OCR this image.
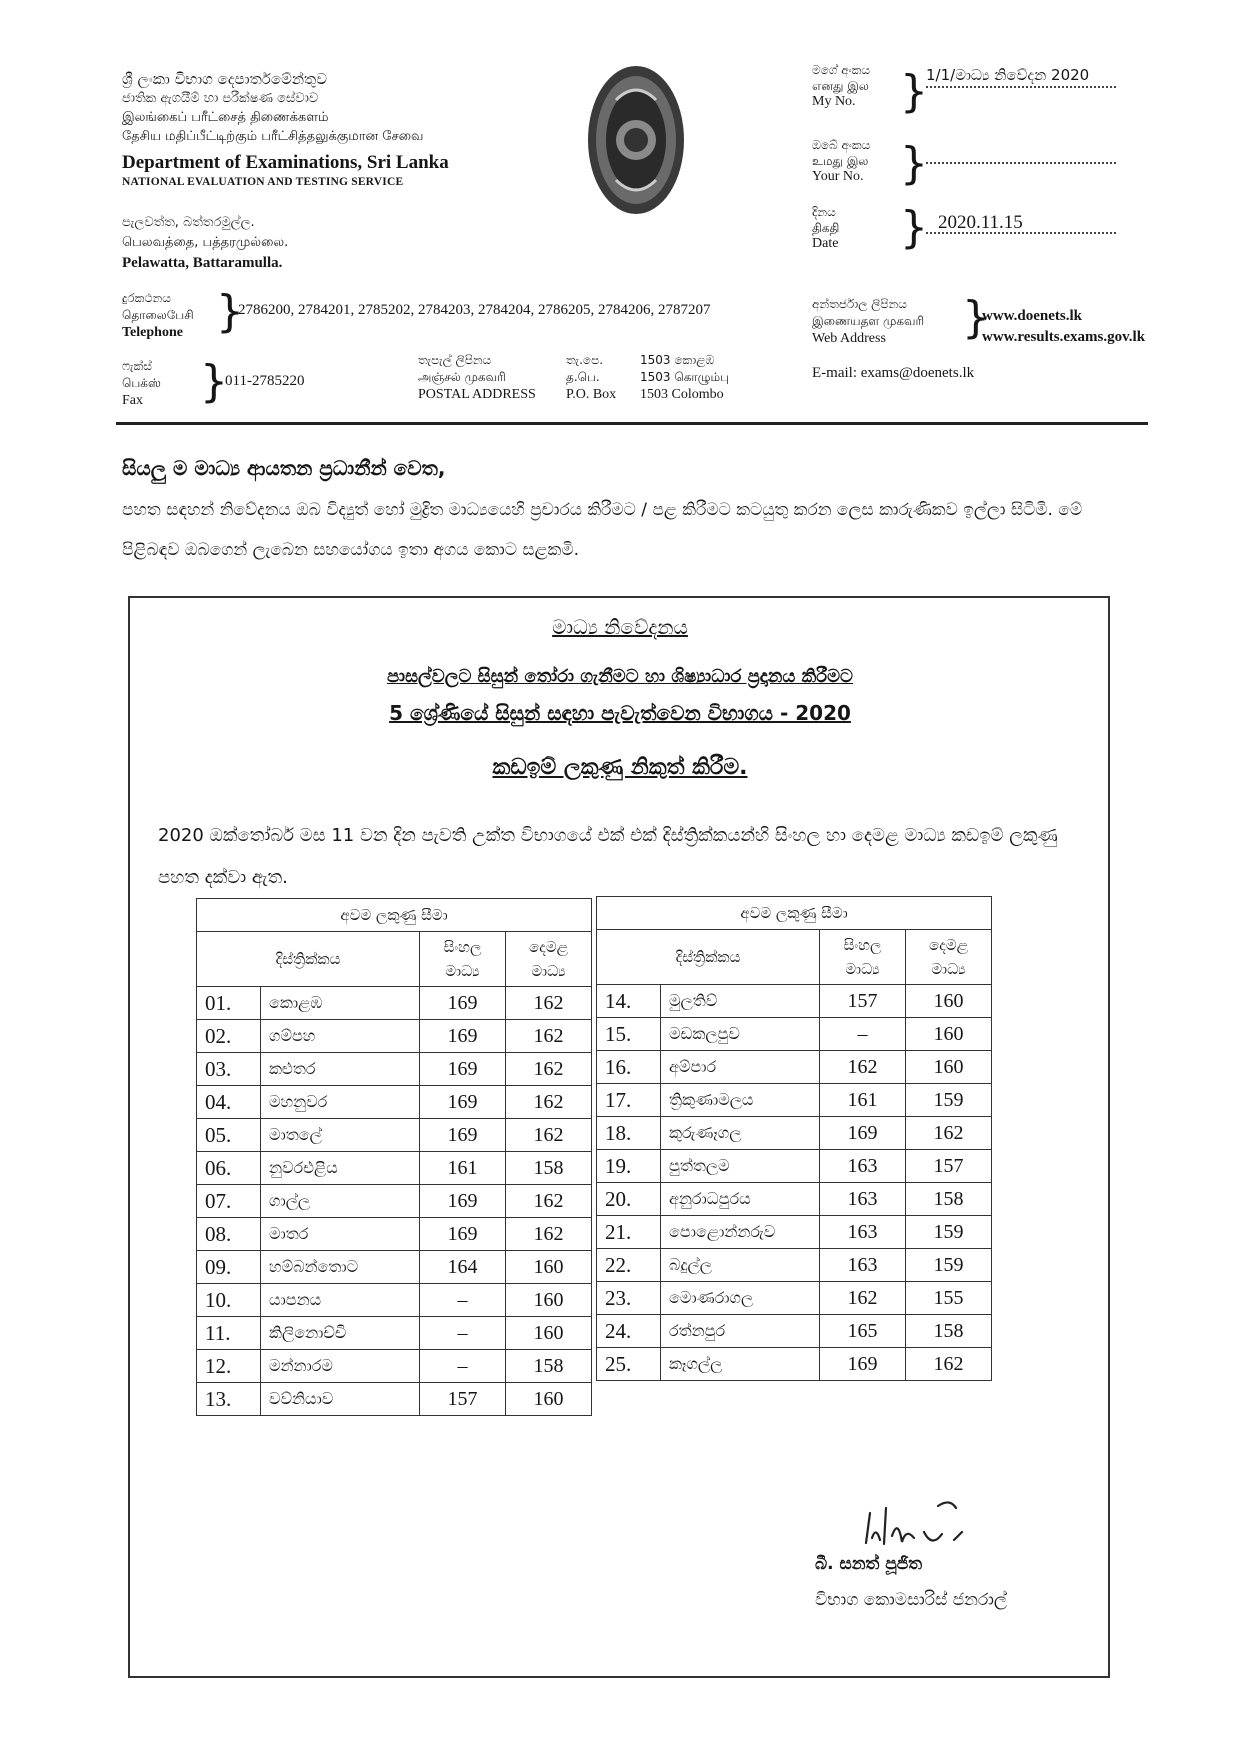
ශ්‍රී ලංකා විභාග දෙපාර්තමේන්තුව
ජාතික ඇගයීම් හා පරීක්ෂණ සේවාව
இலங்கைப் பரீட்சைத் திணைக்களம்
தேசிய மதிப்பீட்டிற்கும் பரீட்சித்தலுக்குமான சேவை
Department of Examinations, Sri Lanka
NATIONAL EVALUATION AND TESTING SERVICE
පැලවත්ත, බත්තරමුල්ල.
பெலவத்தை, பத்தரமுல்லை.
Pelawatta, Battaramulla.
මගේ අංකය
எனது இல
My No.	}
1/1/මාධ්‍ය නිවේදන 2020
ඔබේ අංකය
உமது இல
Your No. }
දිනය
திகதி
Date } 2020.11.15
දුරකථනය
தொலைபேசி
Telephone }
2786200, 2784201, 2785202, 2784203, 2784204, 2786205, 2784206, 2787207
ෆැක්ස්
பெக்ஸ்
Fax	}
011-2785220
තැපැල් ලිපිනය
அஞ்சல் முகவரி
POSTAL ADDRESS
තැ.පෙ.
த.பெ.
P.O. Box
1503 කොළඹ
1503 கொழும்பு
1503 Colombo
අන්තර්ජාල ලිපිනය
இணையதள முகவரி
Web Address	}
www.doenets.lk
www.results.exams.gov.lk
E-mail: exams@doenets.lk
සියලු ම මාධ්‍ය ආයතන ප්‍රධානීන් වෙත,
පහත සඳහන් නිවේදනය ඔබ විද්‍යුත් හෝ මුද්‍රිත මාධ්‍යයෙහි ප්‍රචාරය කිරීමට / පළ කිරීමට කටයුතු කරන ලෙස කාරුණිකව ඉල්ලා සිටිමි. මේ පිළිබඳව ඔබගෙන් ලැබෙන සහයෝගය ඉතා අගය කොට සළකමි.
මාධ්‍ය නිවේදනය
පාසල්වලට සිසුන් තෝරා ගැනීමට හා ශිෂ්‍යාධාර ප්‍රදානය කිරීමට
5 ශ්‍රේණියේ සිසුන් සඳහා පැවැත්වෙන විභාගය - 2020
කඩඉම් ලකුණු නිකුත් කිරීම.
2020 ඔක්තෝබර් මස 11 වන දින පැවති උක්ත විභාගයේ එක් එක් දිස්ත්‍රික්කයන්හි සිංහල හා දෙමළ මාධ්‍ය කඩඉම් ලකුණු පහත දක්වා ඇත.
අවම ලකුණු සීමා			
දිස්ත්‍රික්කය		සිංහල
මාධ්‍ය	දෙමළ
මාධ්‍ය
01.	කොළඹ	169	162
02.	ගම්පහ	169	162
03.	කළුතර	169	162
04.	මහනුවර	169	162
05.	මාතලේ	169	162
06.	නුවරඑළිය	161	158
07.	ගාල්ල	169	162
08.	මාතර	169	162
09.	හම්බන්තොට	164	160
10.	යාපනය	–	160
11.	කිලිනොච්චි	–	160
12.	මන්නාරම	–	158
13.	වව්නියාව	157	160
අවම ලකුණු සීමා			
දිස්ත්‍රික්කය		සිංහල
මාධ්‍ය	දෙමළ
මාධ්‍ය
14.	මුලතිව්	157	160
15.	මඩකලපුව	–	160
16.	අම්පාර	162	160
17.	ත්‍රිකුණාමලය	161	159
18.	කුරුණෑගල	169	162
19.	පුත්තලම	163	157
20.	අනුරාධපුරය	163	158
21.	පොළොන්නරුව	163	159
22.	බදුල්ල	163	159
23.	මොණරාගල	162	155
24.	රත්නපුර	165	158
25.	කෑගල්ල	169	162
බී. සනත් පූජිත
විභාග කොමසාරිස් ජනරාල්
